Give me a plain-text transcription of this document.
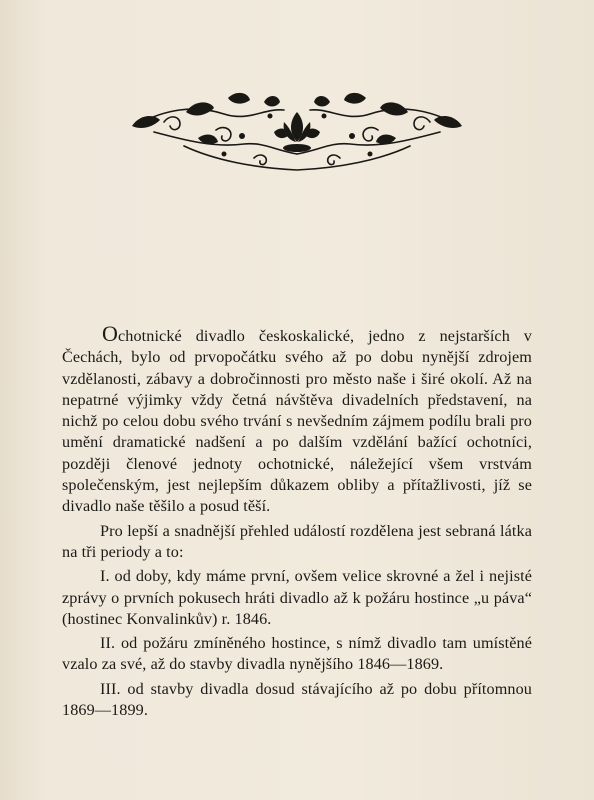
Ochotnické divadlo českoskalické, jedno z nejstarších v Čechách, bylo od prvopočátku svého až po dobu nynější zdrojem vzdělanosti, zábavy a dobročinnosti pro město naše i širé okolí. Až na nepatrné výjimky vždy četná návštěva divadelních představení, na nichž po celou dobu svého trvání s nevšedním zájmem podílu brali pro umění dramatické nadšení a po dalším vzdělání bažící ochotníci, později členové jednoty ochotnické, náležející všem vrstvám společenským, jest nejlepším důkazem obliby a přítažlivosti, jíž se divadlo naše těšilo a posud těší.

Pro lepší a snadnější přehled událostí rozdělena jest sebraná látka na tři periody a to:

I. od doby, kdy máme první, ovšem velice skrovné a žel i nejisté zprávy o prvních pokusech hráti divadlo až k požáru hostince „u páva“ (hostinec Konvalinkův) r. 1846.

II. od požáru zmíněného hostince, s nímž divadlo tam umístěné vzalo za své, až do stavby divadla nynějšího 1846—1869.

III. od stavby divadla dosud stávajícího až po dobu přítomnou 1869—1899.
